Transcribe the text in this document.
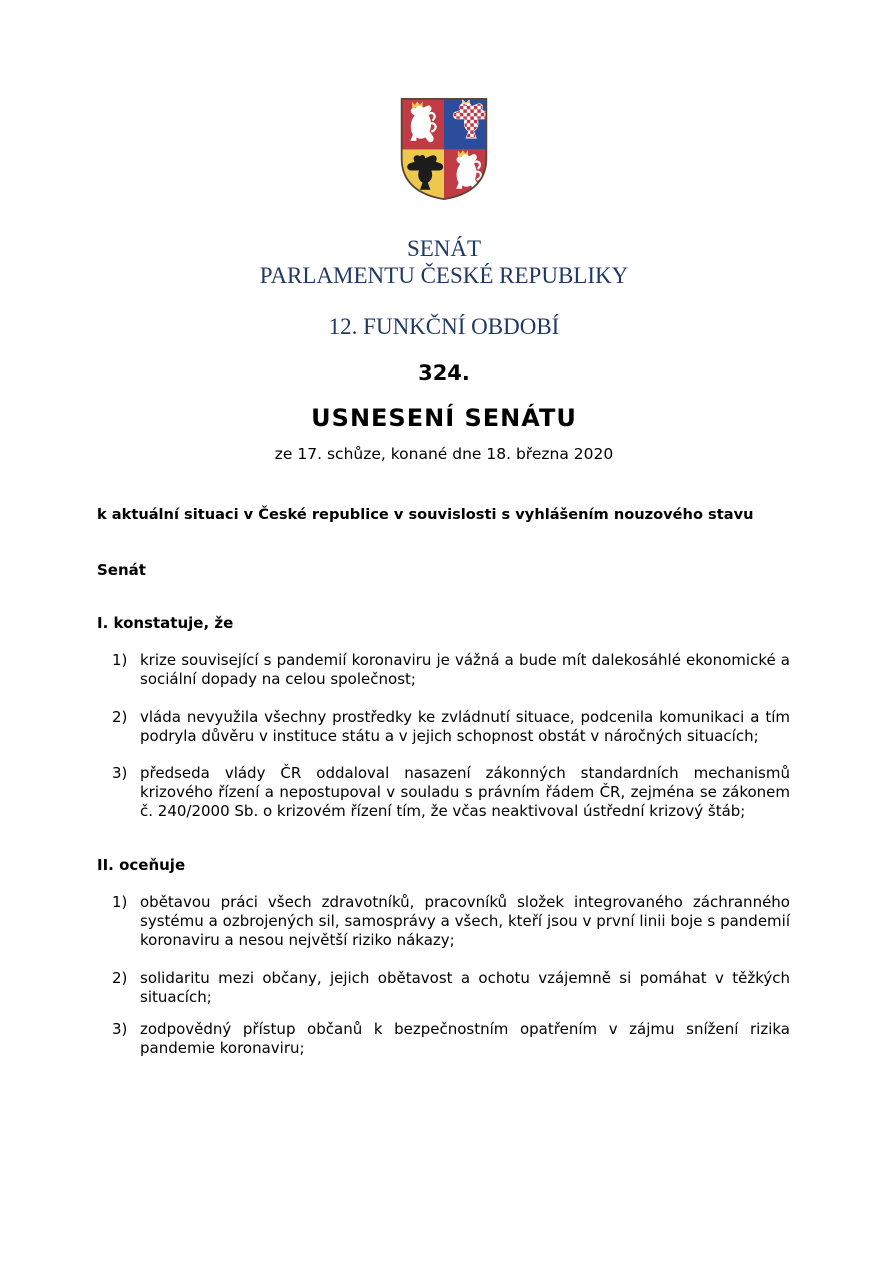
SENÁT
PARLAMENTU ČESKÉ REPUBLIKY
12. FUNKČNÍ OBDOBÍ
324.
USNESENÍ SENÁTU
ze 17. schůze, konané dne 18. března 2020
k aktuální situaci v České republice v souvislosti s vyhlášením nouzového stavu
Senát
I. konstatuje, že
1) krize související s pandemií koronaviru je vážná a bude mít dalekosáhlé ekonomické a sociální dopady na celou společnost;
2) vláda nevyužila všechny prostředky ke zvládnutí situace, podcenila komunikaci a tím podryla důvěru v instituce státu a v jejich schopnost obstát v náročných situacích;
3) předseda vlády ČR oddaloval nasazení zákonných standardních mechanismů krizového řízení a nepostupoval v souladu s právním řádem ČR, zejména se zákonem č. 240/2000 Sb. o krizovém řízení tím, že včas neaktivoval ústřední krizový štáb;
II. oceňuje
1) obětavou práci všech zdravotníků, pracovníků složek integrovaného záchranného systému a ozbrojených sil, samosprávy a všech, kteří jsou v první linii boje s pandemií koronaviru a nesou největší riziko nákazy;
2) solidaritu mezi občany, jejich obětavost a ochotu vzájemně si pomáhat v těžkých situacích;
3) zodpovědný přístup občanů k bezpečnostním opatřením v zájmu snížení rizika pandemie koronaviru;
